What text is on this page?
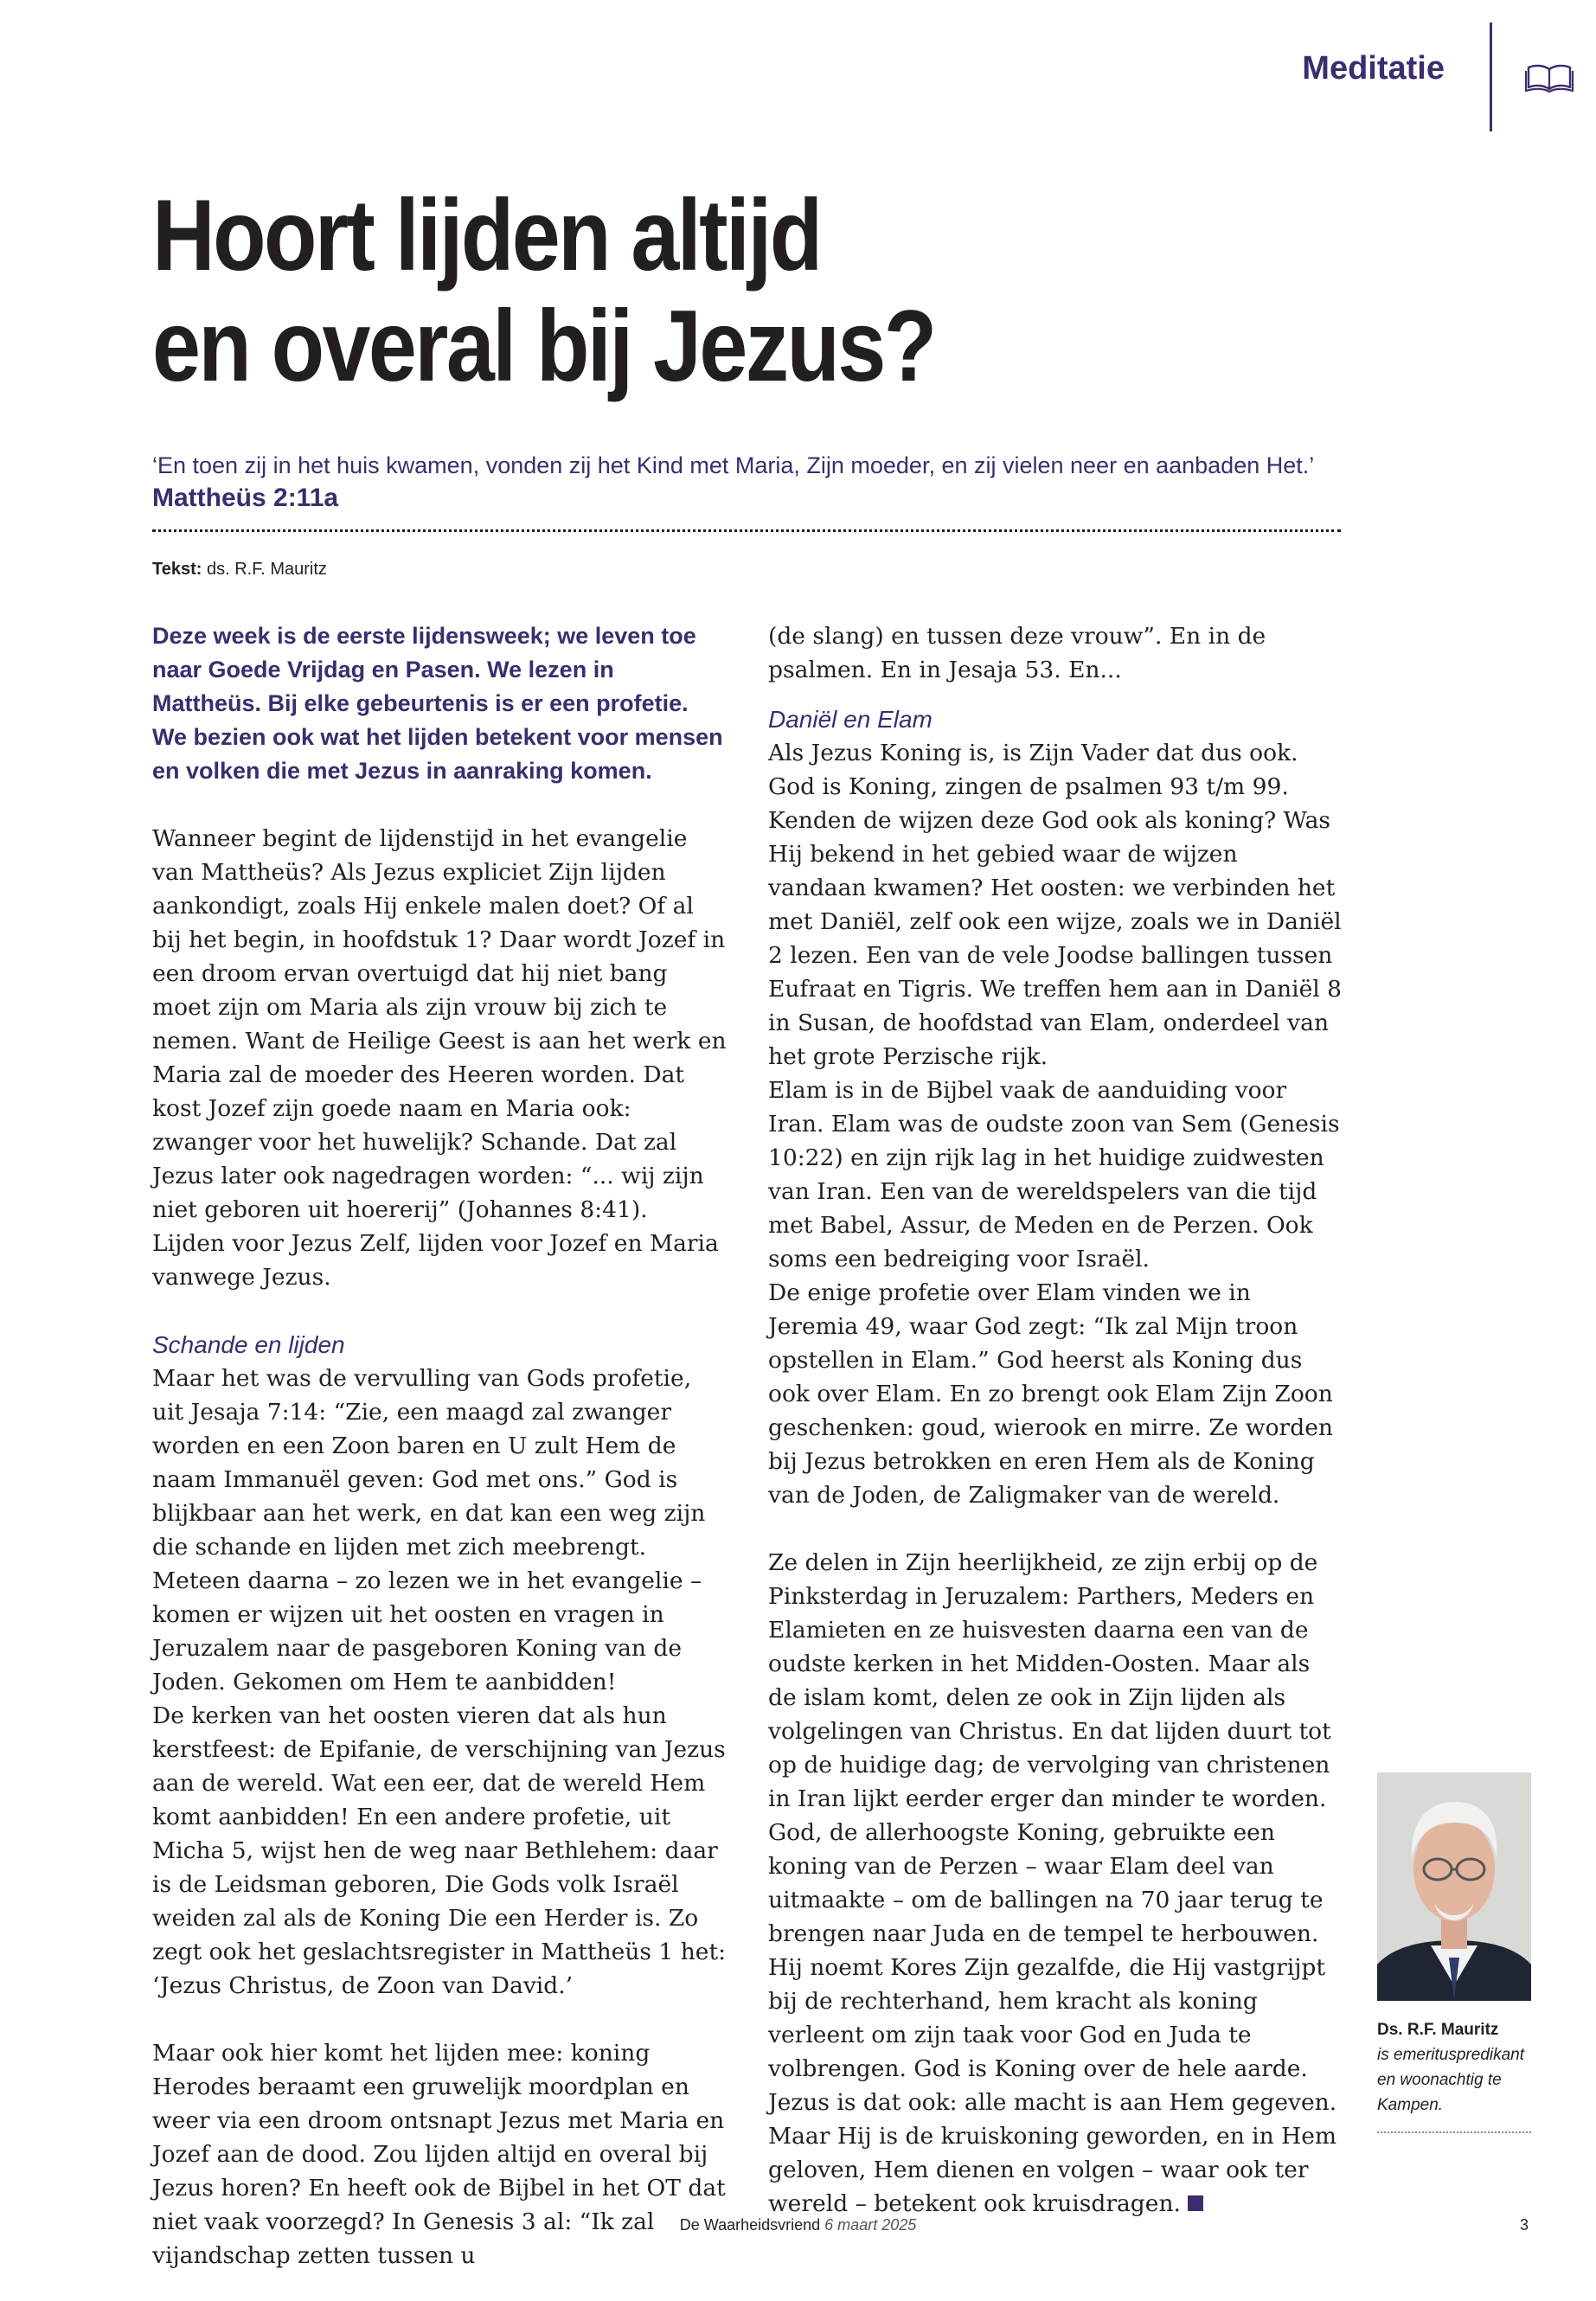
Meditatie
Hoort lijden altijd
en overal bij Jezus?
‘En toen zij in het huis kwamen, vonden zij het Kind met Maria, Zijn moeder, en zij vielen neer en aanbaden Het.’
Mattheüs 2:11a
Tekst: ds. R.F. Mauritz

Deze week is de eerste lijdensweek; we leven toe naar Goede Vrijdag en Pasen. We lezen in Mattheüs. Bij elke gebeurtenis is er een profetie. We bezien ook wat het lijden betekent voor mensen en volken die met Jezus in aanraking komen.

Wanneer begint de lijdenstijd in het evangelie van Mattheüs? Als Jezus expliciet Zijn lijden aankondigt, zoals Hij enkele malen doet? Of al bij het begin, in hoofdstuk 1? Daar wordt Jozef in een droom ervan overtuigd dat hij niet bang moet zijn om Maria als zijn vrouw bij zich te nemen. Want de Heilige Geest is aan het werk en Maria zal de moeder des Heeren worden. Dat kost Jozef zijn goede naam en Maria ook: zwanger voor het huwelijk? Schande. Dat zal Jezus later ook nagedragen worden: “... wij zijn niet geboren uit hoererij” (Johannes 8:41). Lijden voor Jezus Zelf, lijden voor Jozef en Maria vanwege Jezus.

Schande en lijden

Maar het was de vervulling van Gods profetie, uit Jesaja 7:14: “Zie, een maagd zal zwanger worden en een Zoon baren en U zult Hem de naam Immanuël geven: God met ons.” God is blijkbaar aan het werk, en dat kan een weg zijn die schande en lijden met zich meebrengt.

Meteen daarna – zo lezen we in het evangelie – komen er wijzen uit het oosten en vragen in Jeruzalem naar de pasgeboren Koning van de Joden. Gekomen om Hem te aanbidden!

De kerken van het oosten vieren dat als hun kerstfeest: de Epifanie, de verschijning van Jezus aan de wereld. Wat een eer, dat de wereld Hem komt aanbidden! En een andere profetie, uit Micha 5, wijst hen de weg naar Bethlehem: daar is de Leidsman geboren, Die Gods volk Israël weiden zal als de Koning Die een Herder is. Zo zegt ook het geslachtsregister in Mattheüs 1 het: ‘Jezus Christus, de Zoon van David.’

Maar ook hier komt het lijden mee: koning Herodes beraamt een gruwelijk moordplan en weer via een droom ontsnapt Jezus met Maria en Jozef aan de dood. Zou lijden altijd en overal bij Jezus horen? En heeft ook de Bijbel in het OT dat niet vaak voorzegd? In Genesis 3 al: “Ik zal vijandschap zetten tussen u

(de slang) en tussen deze vrouw”. En in de psalmen. En in Jesaja 53. En...

Daniël en Elam

Als Jezus Koning is, is Zijn Vader dat dus ook. God is Koning, zingen de psalmen 93 t/m 99.

Kenden de wijzen deze God ook als koning? Was Hij bekend in het gebied waar de wijzen vandaan kwamen? Het oosten: we verbinden het met Daniël, zelf ook een wijze, zoals we in Daniël 2 lezen. Een van de vele Joodse ballingen tussen Eufraat en Tigris. We treffen hem aan in Daniël 8 in Susan, de hoofdstad van Elam, onderdeel van het grote Perzische rijk.

Elam is in de Bijbel vaak de aanduiding voor Iran. Elam was de oudste zoon van Sem (Genesis 10:22) en zijn rijk lag in het huidige zuidwesten van Iran. Een van de wereldspelers van die tijd met Babel, Assur, de Meden en de Perzen. Ook soms een bedreiging voor Israël.

De enige profetie over Elam vinden we in Jeremia 49, waar God zegt: “Ik zal Mijn troon opstellen in Elam.” God heerst als Koning dus ook over Elam. En zo brengt ook Elam Zijn Zoon geschenken: goud, wierook en mirre. Ze worden bij Jezus betrokken en eren Hem als de Koning van de Joden, de Zaligmaker van de wereld.

Ze delen in Zijn heerlijkheid, ze zijn erbij op de Pinksterdag in Jeruzalem: Parthers, Meders en Elamieten en ze huisvesten daarna een van de oudste kerken in het Midden-Oosten. Maar als de islam komt, delen ze ook in Zijn lijden als volgelingen van Christus. En dat lijden duurt tot op de huidige dag; de vervolging van christenen in Iran lijkt eerder erger dan minder te worden.

God, de allerhoogste Koning, gebruikte een koning van de Perzen – waar Elam deel van uitmaakte – om de ballingen na 70 jaar terug te brengen naar Juda en de tempel te herbouwen. Hij noemt Kores Zijn gezalfde, die Hij vastgrijpt bij de rechterhand, hem kracht als koning verleent om zijn taak voor God en Juda te volbrengen. God is Koning over de hele aarde. Jezus is dat ook: alle macht is aan Hem gegeven. Maar Hij is de kruiskoning geworden, en in Hem geloven, Hem dienen en volgen – waar ook ter wereld – betekent ook kruisdragen.

Ds. R.F. Mauritz
is emerituspredikant en woonachtig te Kampen.
De Waarheidsvriend 6 maart 2025	3
